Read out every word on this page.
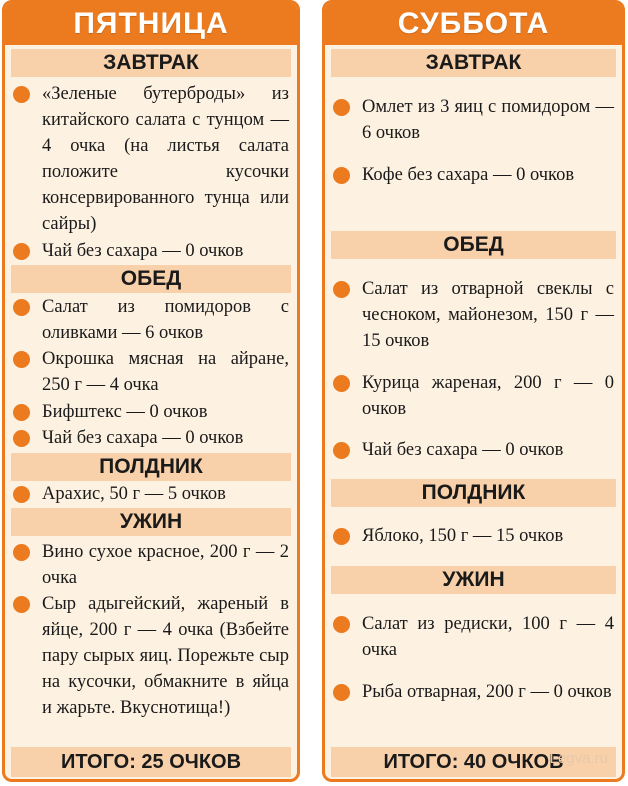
ПЯТНИЦА
ЗАВТРАК
«Зеленые бутерброды» из китайского салата с тунцом — 4 очка (на листья салата положите кусочки консервированного тунца или сайры)
Чай без сахара — 0 очков
ОБЕД
Салат из помидоров с оливками — 6 очков
Окрошка мясная на айране, 250 г — 4 очка
Бифштекс — 0 очков
Чай без сахара — 0 очков
ПОЛДНИК
Арахис, 50 г — 5 очков
УЖИН
Вино сухое красное, 200 г — 2 очка
Сыр адыгейский, жареный в яйце, 200 г — 4 очка (Взбейте пару сырых яиц. Порежьте сыр на кусочки, обмакните в яйца и жарьте. Вкуснотища!)
ИТОГО: 25 ОЧКОВ
СУББОТА
ЗАВТРАК
Омлет из 3 яиц с помидором — 6 очков
Кофе без сахара — 0 очков
ОБЕД
Салат из отварной свеклы с чесноком, майонезом, 150 г — 15 очков
Курица жареная, 200 г — 0 очков
Чай без сахара — 0 очков
ПОЛДНИК
Яблоко, 150 г — 15 очков
УЖИН
Салат из редиски, 100 г — 4 очка
Рыба отварная, 200 г — 0 очков
ИТОГО: 40 ОЧКОВ
Legva.ru
